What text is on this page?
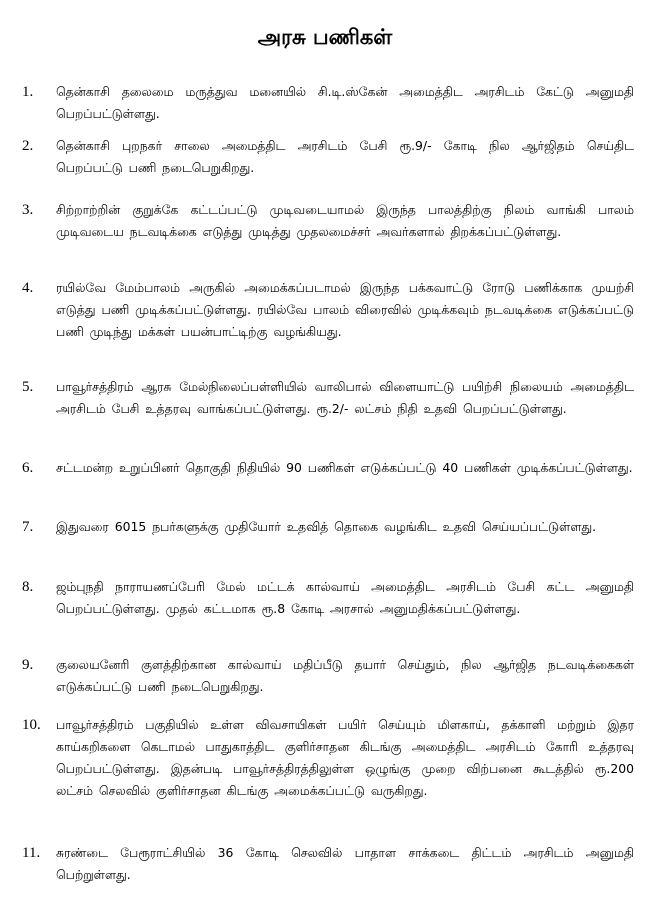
அரசு பணிகள்
1.	தென்காசி தலைமை மருத்துவ மனையில் சி.டி.ஸ்கேன் அமைத்திட அரசிடம் கேட்டு அனுமதி பெறப்பட்டுள்ளது.
2.	தென்காசி புறநகர் சாலை அமைத்திட அரசிடம் பேசி ரூ.9/- கோடி நில ஆர்ஜிதம் செய்திட பெறப்பட்டு பணி நடைபெறுகிறது.
3.	சிற்றாற்றின் குறுக்கே கட்டப்பட்டு முடிவடையாமல் இருந்த பாலத்திற்கு நிலம் வாங்கி பாலம் முடிவடைய நடவடிக்கை எடுத்து முடித்து முதலமைச்சர் அவர்களால் திறக்கப்பட்டுள்ளது.
4.	ரயில்வே மேம்பாலம் அருகில் அமைக்கப்படாமல் இருந்த பக்கவாட்டு ரோடு பணிக்காக முயற்சி எடுத்து பணி முடிக்கப்பட்டுள்ளது. ரயில்வே பாலம் விரைவில் முடிக்கவும் நடவடிக்கை எடுக்கப்பட்டு பணி முடிந்து மக்கள் பயன்பாட்டிற்கு வழங்கியது.
5.	பாவூர்சத்திரம் ஆரசு மேல்நிலைப்பள்ளியில் வாலிபால் விளையாட்டு பயிற்சி நிலையம் அமைத்திட அரசிடம் பேசி உத்தரவு வாங்கப்பட்டுள்ளது. ரூ.2/- லட்சம் நிதி உதவி பெறப்பட்டுள்ளது.
6.	சட்டமன்ற உறுப்பினர் தொகுதி நிதியில் 90 பணிகள் எடுக்கப்பட்டு 40 பணிகள் முடிக்கப்பட்டுள்ளது.
7.	இதுவரை 6015 நபர்களுக்கு முதியோர் உதவித் தொகை வழங்கிட உதவி செய்யப்பட்டுள்ளது.
8.	ஜம்புநதி நாராயணப்பேரி மேல் மட்டக் கால்வாய் அமைத்திட அரசிடம் பேசி கட்ட அனுமதி பெறப்பட்டுள்ளது. முதல் கட்டமாக ரூ.8 கோடி அரசால் அனுமதிக்கப்பட்டுள்ளது.
9.	குலையனேரி குளத்திற்கான கால்வாய் மதிப்பீடு தயார் செய்தும், நில ஆர்ஜித நடவடிக்கைகள் எடுக்கப்பட்டு பணி நடைபெறுகிறது.
10.	பாவூர்சத்திரம் பகுதியில் உள்ள விவசாயிகள் பயிர் செய்யும் மிளகாய், தக்காளி மற்றும் இதர காய்கறிகளை கெடாமல் பாதுகாத்திட குளிர்சாதன கிடங்கு அமைத்திட அரசிடம் கோரி உத்தரவு பெறப்பட்டுள்ளது. இதன்படி பாவூர்சத்திரத்திலுள்ள ஒழுங்கு முறை விற்பனை கூடத்தில் ரூ.200 லட்சம் செலவில் குளிர்சாதன கிடங்கு அமைக்கப்பட்டு வருகிறது.
11.	சுரண்டை பேரூராட்சியில் 36 கோடி செலவில் பாதாள சாக்கடை திட்டம் அரசிடம் அனுமதி பெற்றுள்ளது.
